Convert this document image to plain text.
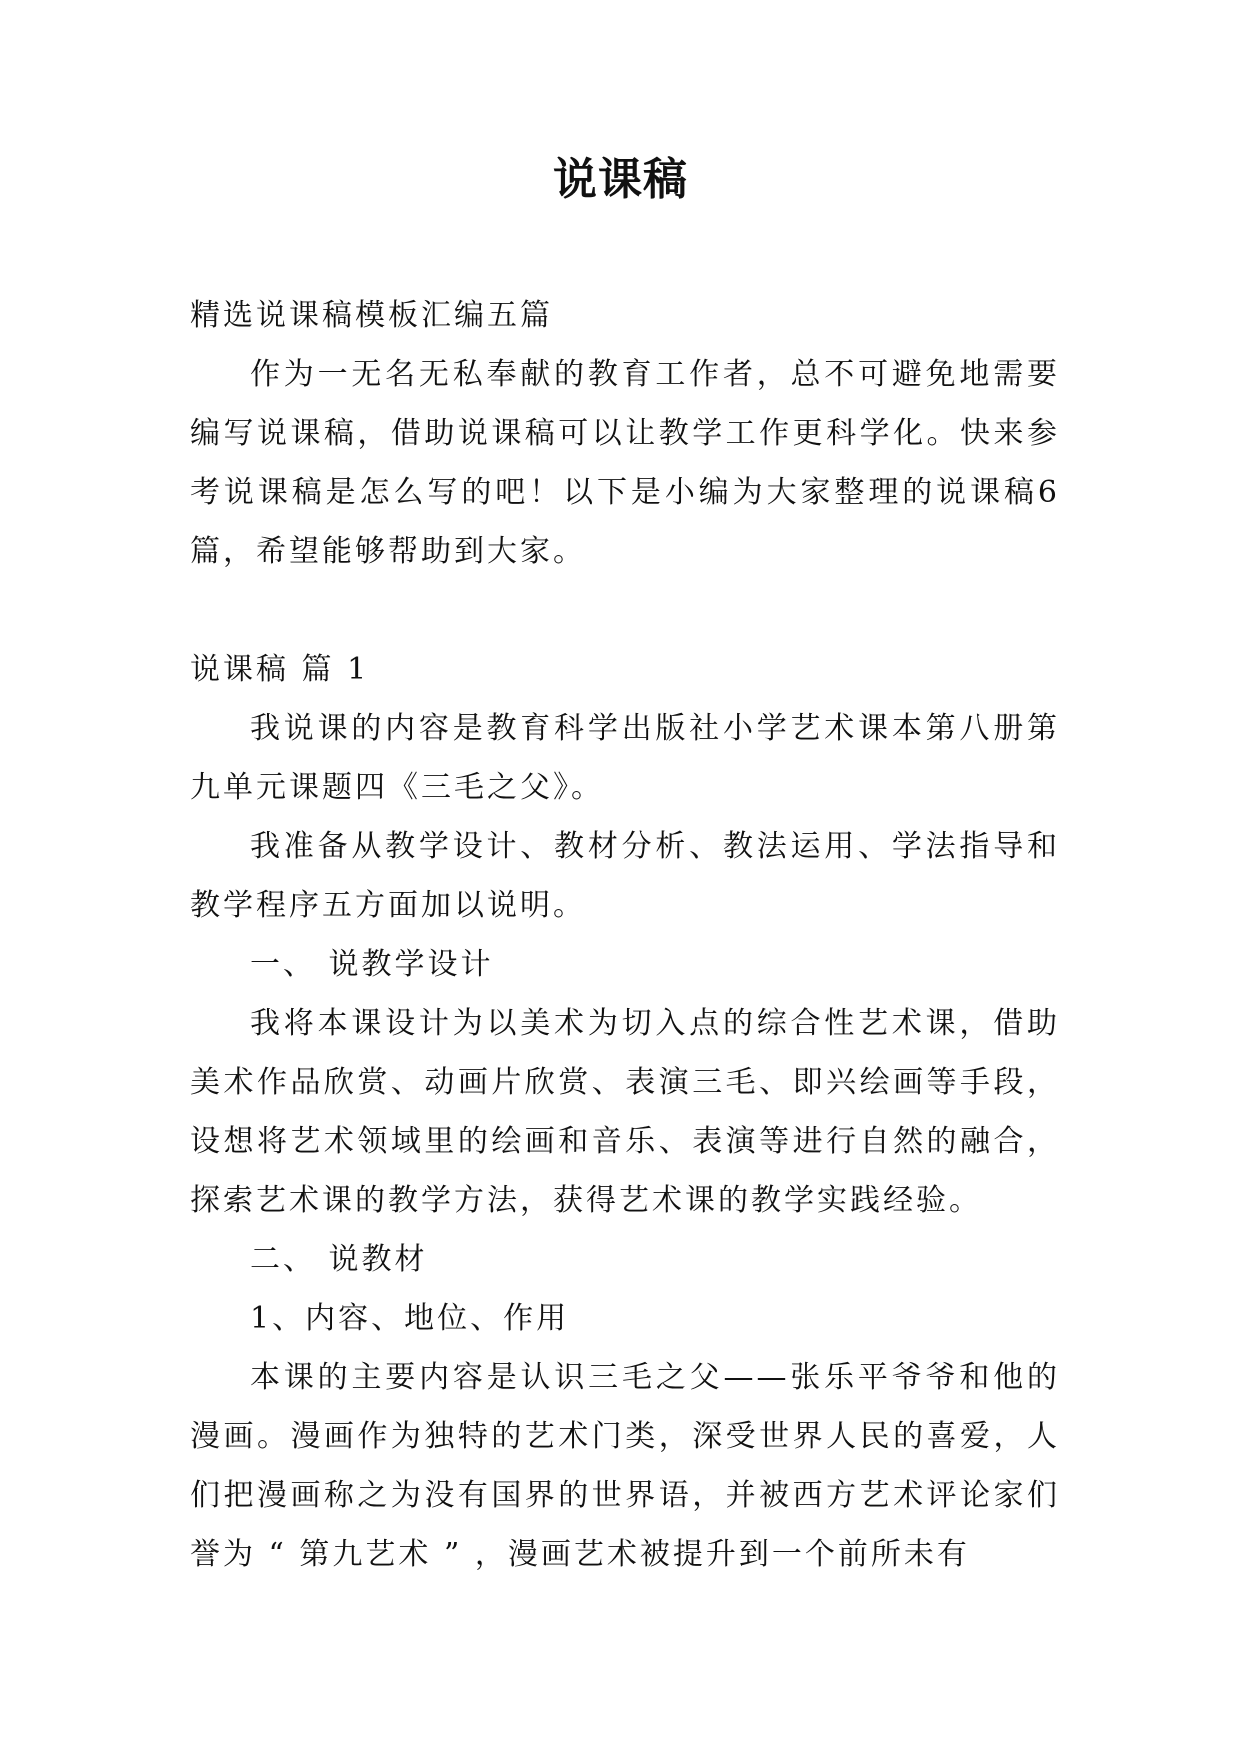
说课稿

精选说课稿模板汇编五篇

作为一无名无私奉献的教育工作者，总不可避免地需要编写说课稿，借助说课稿可以让教学工作更科学化。快来参考说课稿是怎么写的吧！以下是小编为大家整理的说课稿6篇，希望能够帮助到大家。

说课稿 篇 1

我说课的内容是教育科学出版社小学艺术课本第八册第九单元课题四《三毛之父》。

我准备从教学设计、教材分析、教法运用、学法指导和教学程序五方面加以说明。

一、 说教学设计

我将本课设计为以美术为切入点的综合性艺术课，借助美术作品欣赏、动画片欣赏、表演三毛、即兴绘画等手段，设想将艺术领域里的绘画和音乐、表演等进行自然的融合，探索艺术课的教学方法，获得艺术课的教学实践经验。

二、 说教材

1、内容、地位、作用

本课的主要内容是认识三毛之父——张乐平爷爷和他的漫画。漫画作为独特的艺术门类，深受世界人民的喜爱，人们把漫画称之为没有国界的世界语，并被西方艺术评论家们誉为 “ 第九艺术 ” ，漫画艺术被提升到一个前所未有
